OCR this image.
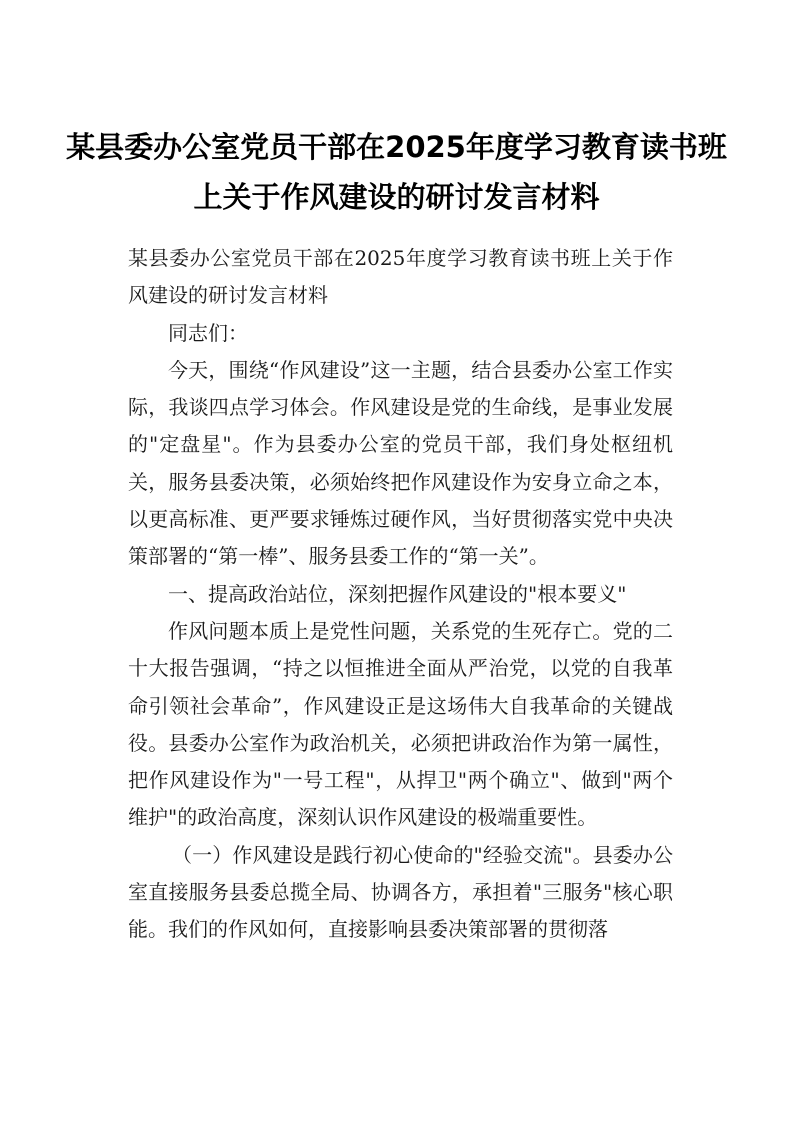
某县委办公室党员干部在2025年度学习教育读书班上关于作风建设的研讨发言材料

某县委办公室党员干部在2025年度学习教育读书班上关于作风建设的研讨发言材料

同志们：

今天，围绕“作风建设”这一主题，结合县委办公室工作实际，我谈四点学习体会。作风建设是党的生命线，是事业发展的"定盘星"。作为县委办公室的党员干部，我们身处枢纽机关，服务县委决策，必须始终把作风建设作为安身立命之本，以更高标准、更严要求锤炼过硬作风，当好贯彻落实党中央决策部署的“第一棒”、服务县委工作的“第一关”。

一、提高政治站位，深刻把握作风建设的"根本要义"

作风问题本质上是党性问题，关系党的生死存亡。党的二十大报告强调，“持之以恒推进全面从严治党，以党的自我革命引领社会革命”，作风建设正是这场伟大自我革命的关键战役。县委办公室作为政治机关，必须把讲政治作为第一属性，把作风建设作为"一号工程"，从捍卫"两个确立"、做到"两个维护"的政治高度，深刻认识作风建设的极端重要性。

（一）作风建设是践行初心使命的"经验交流"。县委办公室直接服务县委总揽全局、协调各方，承担着"三服务"核心职能。我们的作风如何，直接影响县委决策部署的贯彻落
